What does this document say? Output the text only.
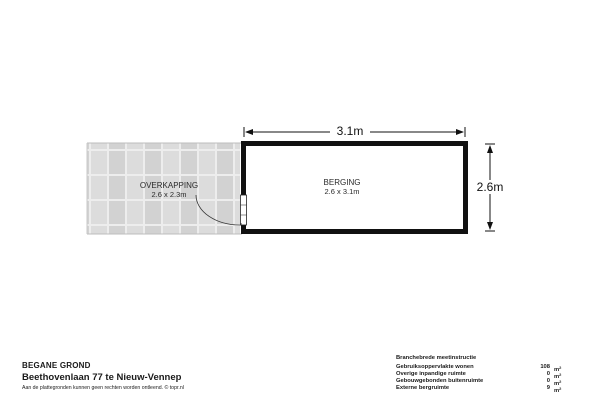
OVERKAPPING
2.6 x 2.3m
BERGING
2.6 x 3.1m
3.1m
2.6m
BEGANE GROND
Beethovenlaan 77 te Nieuw-Vennep
Aan de plattegronden kunnen geen rechten worden ontleend. © topr.nl
Branchebrede meetinstructie
Gebruiksoppervlakte wonen	108 $m^2$
Overige inpandige ruimte	0 $m^2$
Gebouwgebonden buitenruimte	0 $m^2$
Externe bergruimte	9 $m^2$
